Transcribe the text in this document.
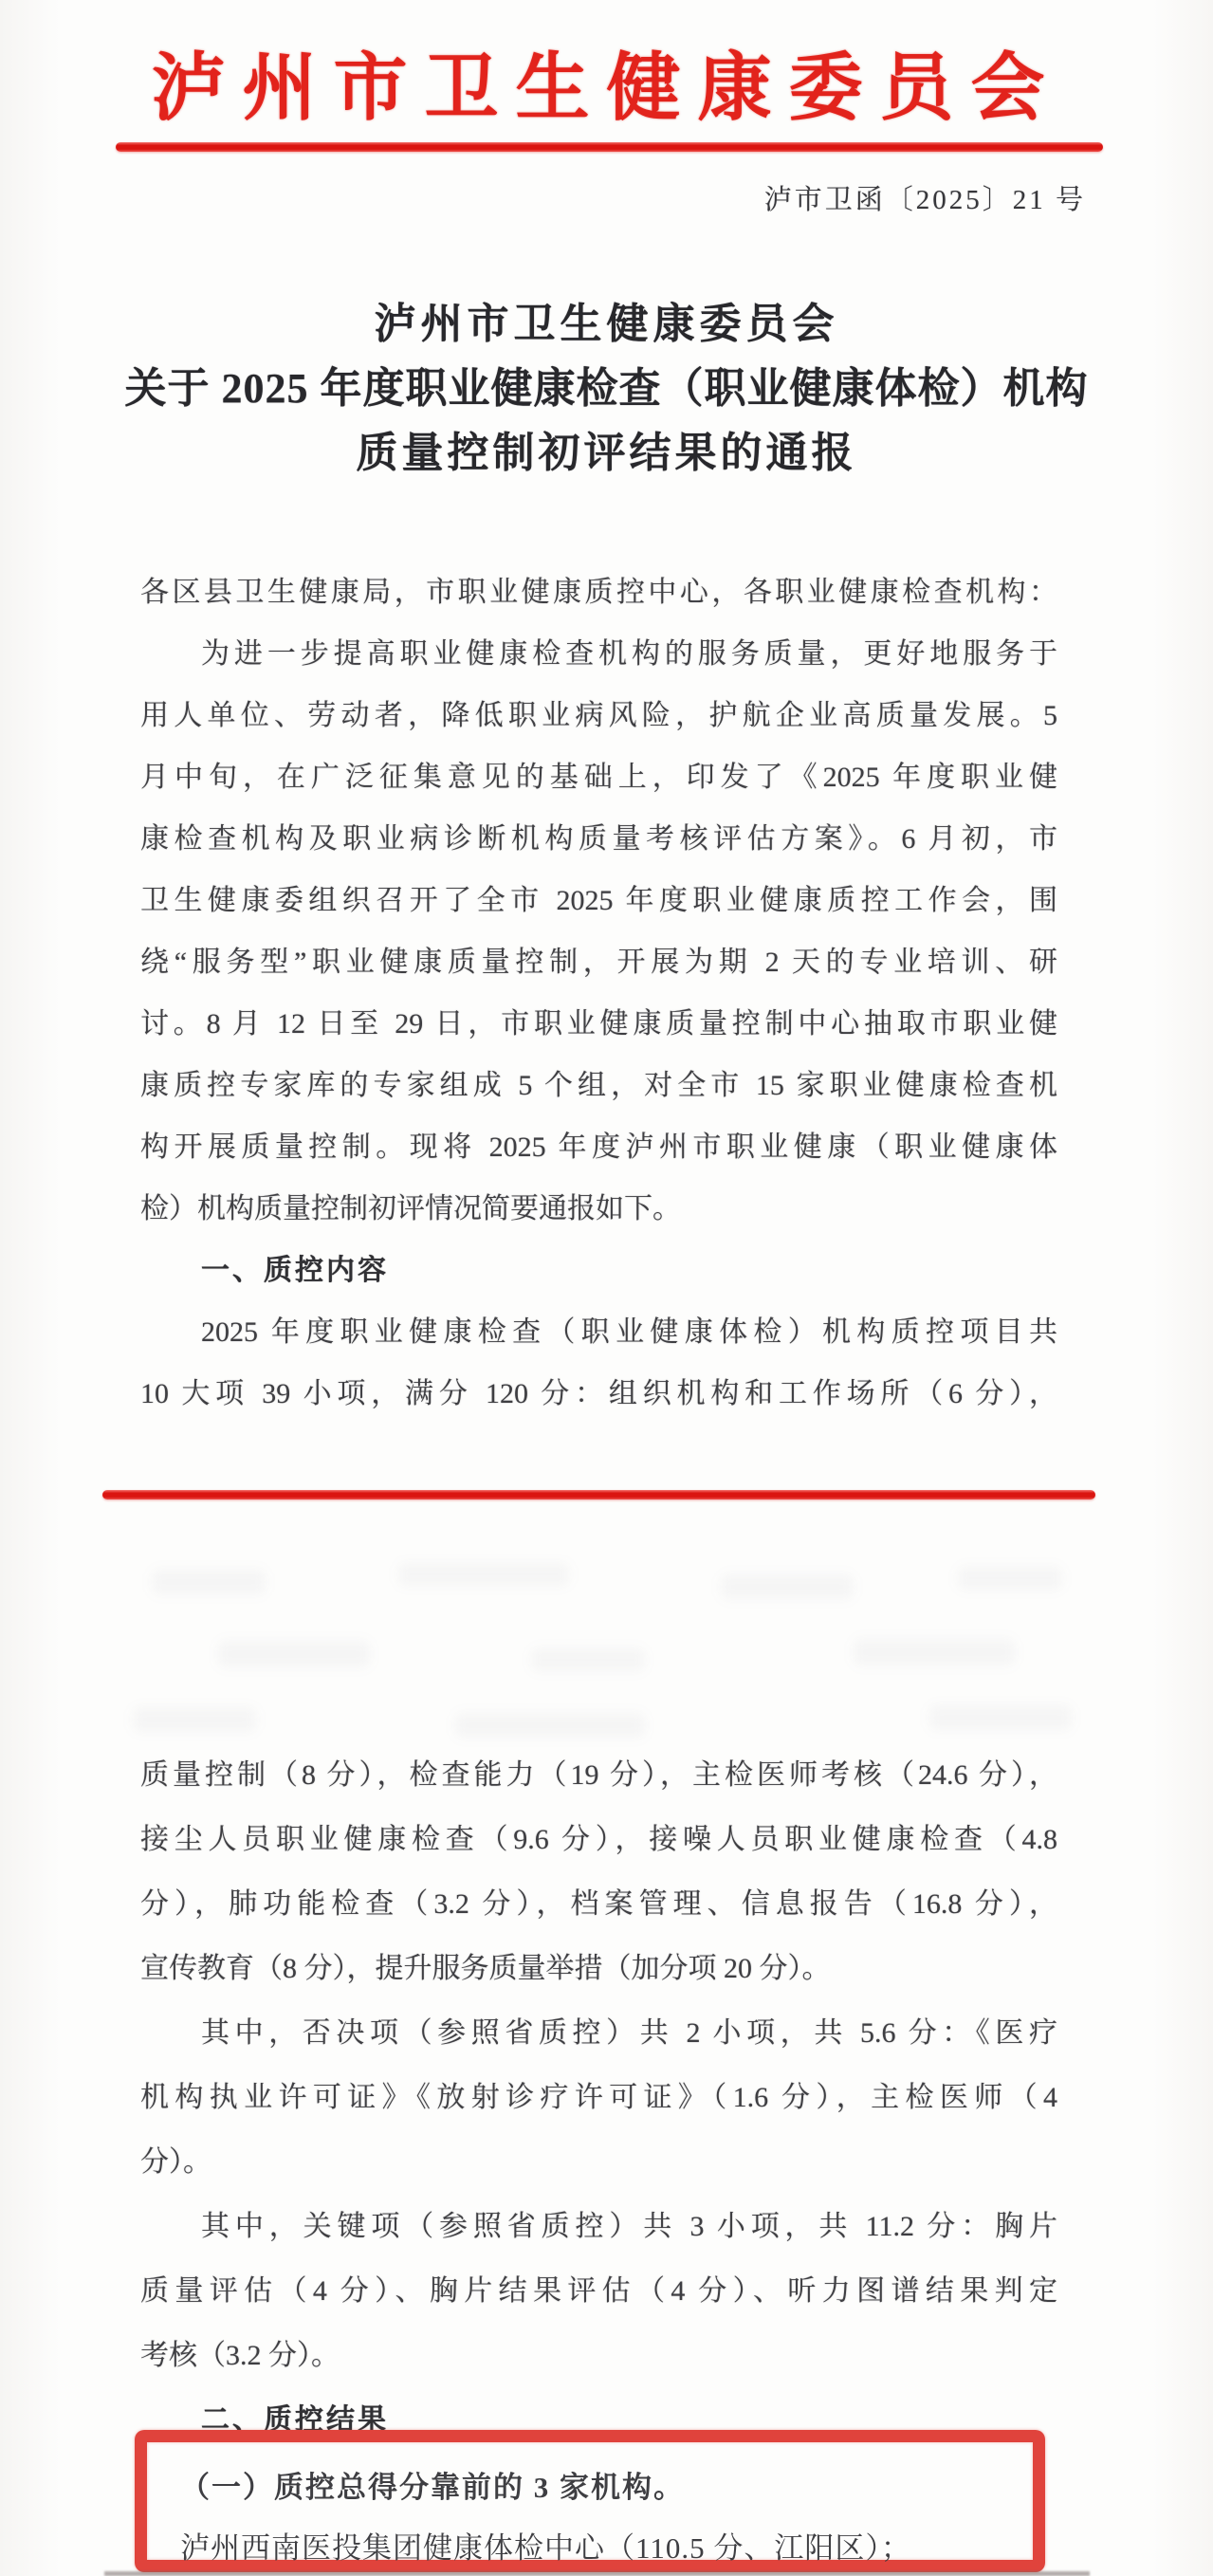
泸州市卫生健康委员会
泸市卫函〔2025〕21 号
泸州市卫生健康委员会
关于 2025 年度职业健康检查（职业健康体检）机构
质量控制初评结果的通报
各区县卫生健康局，市职业健康质控中心，各职业健康检查机构：
为进一步提高职业健康检查机构的服务质量，更好地服务于
用人单位、劳动者，降低职业病风险，护航企业高质量发展。5
月中旬，在广泛征集意见的基础上，印发了《2025 年度职业健
康检查机构及职业病诊断机构质量考核评估方案》。6 月初，市
卫生健康委组织召开了全市 2025 年度职业健康质控工作会，围
绕“服务型”职业健康质量控制，开展为期 2 天的专业培训、研
讨。8 月 12 日至 29 日，市职业健康质量控制中心抽取市职业健
康质控专家库的专家组成 5 个组，对全市 15 家职业健康检查机
构开展质量控制。现将 2025 年度泸州市职业健康（职业健康体
检）机构质量控制初评情况简要通报如下。
一、质控内容
2025 年度职业健康检查（职业健康体检）机构质控项目共
10 大项 39 小项，满分 120 分：组织机构和工作场所（6 分），
质量控制（8 分），检查能力（19 分），主检医师考核（24.6 分），
接尘人员职业健康检查（9.6 分），接噪人员职业健康检查（4.8
分），肺功能检查（3.2 分），档案管理、信息报告（16.8 分），
宣传教育（8 分），提升服务质量举措（加分项 20 分）。
其中，否决项（参照省质控）共 2 小项，共 5.6 分：《医疗
机构执业许可证》《放射诊疗许可证》（1.6 分），主检医师（4
分）。
其中，关键项（参照省质控）共 3 小项，共 11.2 分：胸片
质量评估（4 分）、胸片结果评估（4 分）、听力图谱结果判定
考核（3.2 分）。
二、质控结果
（一）质控总得分靠前的 3 家机构。
泸州西南医投集团健康体检中心（110.5 分、江阳区）；
